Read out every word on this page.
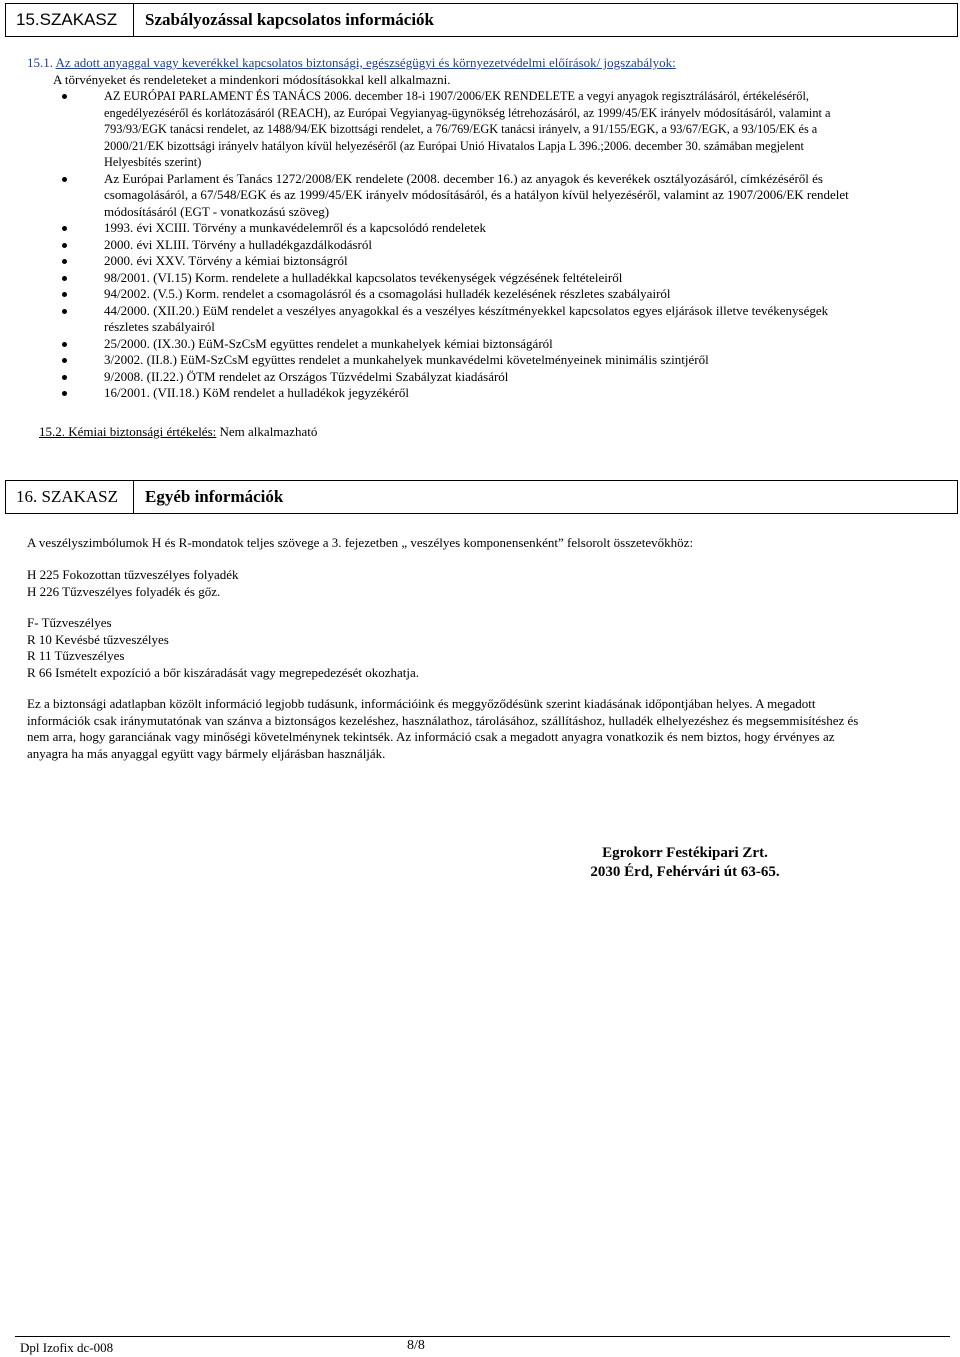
15.SZAKASZ	Szabályozással kapcsolatos információk
15.1. Az adott anyaggal vagy keverékkel kapcsolatos biztonsági, egészségügyi és környezetvédelmi előírások/ jogszabályok:
A törvényeket és rendeleteket a mindenkori módosításokkal kell alkalmazni.
AZ EURÓPAI PARLAMENT ÉS TANÁCS 2006. december 18-i 1907/2006/EK RENDELETE a vegyi anyagok regisztrálásáról, értékeléséről, engedélyezéséről és korlátozásáról (REACH), az Európai Vegyianyag-ügynökség létrehozásáról, az 1999/45/EK irányelv módosításáról, valamint a 793/93/EGK tanácsi rendelet, az 1488/94/EK bizottsági rendelet, a 76/769/EGK tanácsi irányelv, a 91/155/EGK, a 93/67/EGK, a 93/105/EK és a 2000/21/EK bizottsági irányelv hatályon kívül helyezéséről (az Európai Unió Hivatalos Lapja L 396.;2006. december 30. számában megjelent Helyesbítés szerint)
Az Európai Parlament és Tanács 1272/2008/EK rendelete (2008. december 16.) az anyagok és keverékek osztályozásáról, címkézéséről és csomagolásáról, a 67/548/EGK és az 1999/45/EK irányelv módosításáról, és a hatályon kívül helyezéséről, valamint az 1907/2006/EK rendelet módosításáról (EGT - vonatkozású szöveg)
1993. évi XCIII. Törvény a munkavédelemről és a kapcsolódó rendeletek
2000. évi XLIII. Törvény a hulladékgazdálkodásról
2000. évi XXV. Törvény a kémiai biztonságról
98/2001. (VI.15) Korm. rendelete a hulladékkal kapcsolatos tevékenységek végzésének feltételeiről
94/2002. (V.5.) Korm. rendelet a csomagolásról és a csomagolási hulladék kezelésének részletes szabályairól
44/2000. (XII.20.) EüM rendelet a veszélyes anyagokkal és a veszélyes készítményekkel kapcsolatos egyes eljárások illetve tevékenységek részletes szabályairól
25/2000. (IX.30.) EüM-SzCsM együttes rendelet a munkahelyek kémiai biztonságáról
3/2002. (II.8.) EüM-SzCsM együttes rendelet a munkahelyek munkavédelmi követelményeinek minimális szintjéről
9/2008. (II.22.) ÖTM rendelet az Országos Tűzvédelmi Szabályzat kiadásáról
16/2001. (VII.18.) KöM rendelet a hulladékok jegyzékéről
15.2. Kémiai biztonsági értékelés: Nem alkalmazható
16. SZAKASZ	Egyéb információk
A veszélyszimbólumok H és R-mondatok teljes szövege a 3. fejezetben „ veszélyes komponensenként” felsorolt összetevőkhöz:
H 225 Fokozottan tűzveszélyes folyadék
H 226 Tűzveszélyes folyadék és gőz.
F- Tűzveszélyes
R 10 Kevésbé tűzveszélyes
R 11 Tűzveszélyes
R 66 Ismételt expozíció a bőr kiszáradását vagy megrepedezését okozhatja.
Ez a biztonsági adatlapban közölt információ legjobb tudásunk, információink és meggyőződésünk szerint kiadásának időpontjában helyes. A megadott információk csak iránymutatónak van szánva a biztonságos kezeléshez, használathoz, tárolásához, szállításhoz, hulladék elhelyezéshez és megsemmisítéshez és nem arra, hogy garanciának vagy minőségi követelménynek tekintsék. Az információ csak a megadott anyagra vonatkozik és nem biztos, hogy érvényes az anyagra ha más anyaggal együtt vagy bármely eljárásban használják.
Egrokorr Festékipari Zrt.
2030 Érd, Fehérvári út 63-65.
Dpl Izofix dc-008	8/8
